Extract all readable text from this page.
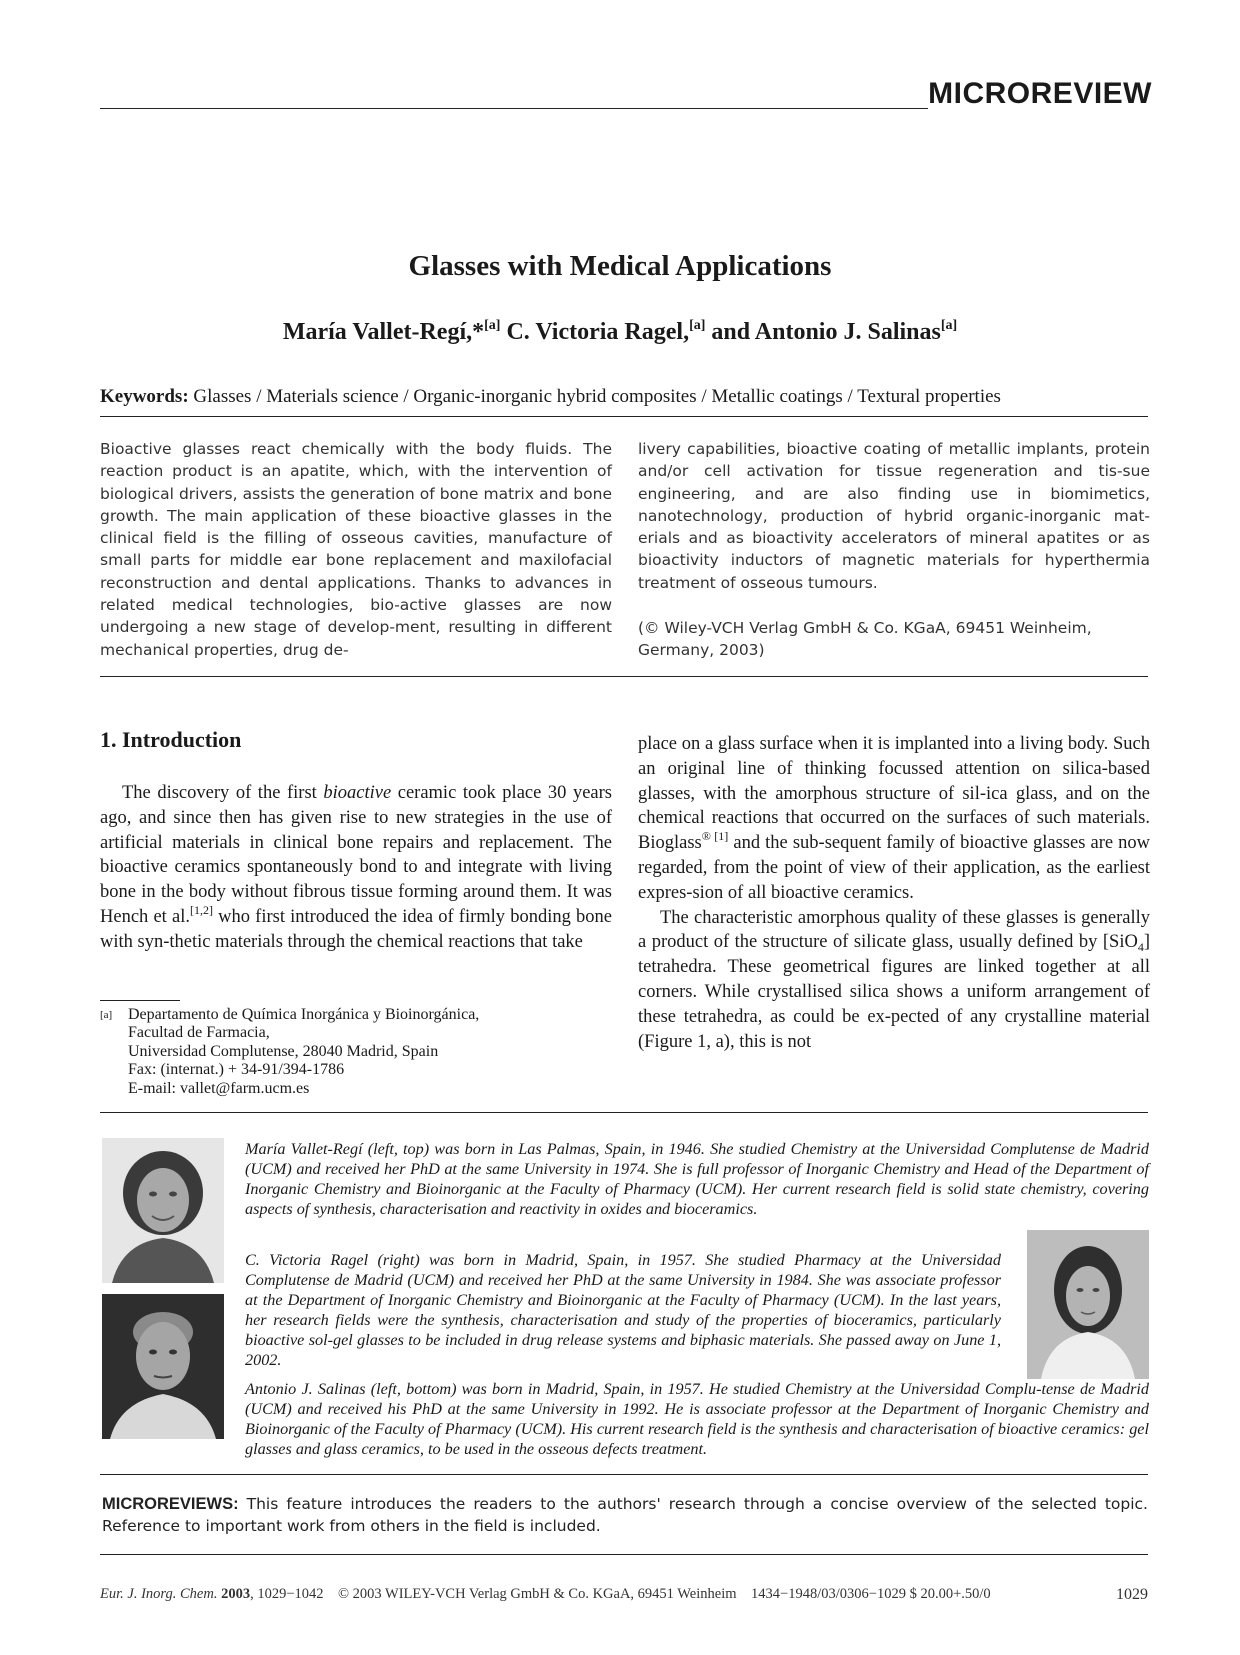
MICROREVIEW
Glasses with Medical Applications
María Vallet-Regí,*[a] C. Victoria Ragel,[a] and Antonio J. Salinas[a]
Keywords: Glasses / Materials science / Organic-inorganic hybrid composites / Metallic coatings / Textural properties

Bioactive glasses react chemically with the body fluids. The reaction product is an apatite, which, with the intervention of biological drivers, assists the generation of bone matrix and bone growth. The main application of these bioactive glasses in the clinical field is the filling of osseous cavities, manufacture of small parts for middle ear bone replacement and maxilofacial reconstruction and dental applications. Thanks to advances in related medical technologies, bio-active glasses are now undergoing a new stage of develop-ment, resulting in different mechanical properties, drug de-

livery capabilities, bioactive coating of metallic implants, protein and/or cell activation for tissue regeneration and tis-sue engineering, and are also finding use in biomimetics, nanotechnology, production of hybrid organic-inorganic mat-erials and as bioactivity accelerators of mineral apatites or as bioactivity inductors of magnetic materials for hyperthermia treatment of osseous tumours.

(© Wiley-VCH Verlag GmbH & Co. KGaA, 69451 Weinheim, Germany, 2003)
1. Introduction

The discovery of the first bioactive ceramic took place 30 years ago, and since then has given rise to new strategies in the use of artificial materials in clinical bone repairs and replacement. The bioactive ceramics spontaneously bond to and integrate with living bone in the body without fibrous tissue forming around them. It was Hench et al.[1,2] who first introduced the idea of firmly bonding bone with syn-thetic materials through the chemical reactions that take

place on a glass surface when it is implanted into a living body. Such an original line of thinking focussed attention on silica-based glasses, with the amorphous structure of sil-ica glass, and on the chemical reactions that occurred on the surfaces of such materials. Bioglass® [1] and the sub-sequent family of bioactive glasses are now regarded, from the point of view of their application, as the earliest expres-sion of all bioactive ceramics.
The characteristic amorphous quality of these glasses is generally a product of the structure of silicate glass, usually defined by [SiO$_4$] tetrahedra. These geometrical figures are linked together at all corners. While crystallised silica shows a uniform arrangement of these tetrahedra, as could be ex-pected of any crystalline material (Figure 1, a), this is not

[a] Departamento de Química Inorgánica y Bioinorgánica,
Facultad de Farmacia,
Universidad Complutense, 28040 Madrid, Spain
Fax: (internat.) + 34-91/394-1786
E-mail: vallet@farm.ucm.es

María Vallet-Regí (left, top) was born in Las Palmas, Spain, in 1946. She studied Chemistry at the Universidad Complutense de Madrid (UCM) and received her PhD at the same University in 1974. She is full professor of Inorganic Chemistry and Head of the Department of Inorganic Chemistry and Bioinorganic at the Faculty of Pharmacy (UCM). Her current research field is solid state chemistry, covering aspects of synthesis, characterisation and reactivity in oxides and bioceramics.

C. Victoria Ragel (right) was born in Madrid, Spain, in 1957. She studied Pharmacy at the Universidad Complutense de Madrid (UCM) and received her PhD at the same University in 1984. She was associate professor at the Department of Inorganic Chemistry and Bioinorganic at the Faculty of Pharmacy (UCM). In the last years, her research fields were the synthesis, characterisation and study of the properties of bioceramics, particularly bioactive sol-gel glasses to be included in drug release systems and biphasic materials. She passed away on June 1, 2002.

Antonio J. Salinas (left, bottom) was born in Madrid, Spain, in 1957. He studied Chemistry at the Universidad Complu-tense de Madrid (UCM) and received his PhD at the same University in 1992. He is associate professor at the Department of Inorganic Chemistry and Bioinorganic of the Faculty of Pharmacy (UCM). His current research field is the synthesis and characterisation of bioactive ceramics: gel glasses and glass ceramics, to be used in the osseous defects treatment.

MICROREVIEWS: This feature introduces the readers to the authors' research through a concise overview of the selected topic. Reference to important work from others in the field is included.

Eur. J. Inorg. Chem. 2003, 1029−1042 © 2003 WILEY-VCH Verlag GmbH & Co. KGaA, 69451 Weinheim 1434−1948/03/0306−1029 $ 20.00+.50/0	1029
